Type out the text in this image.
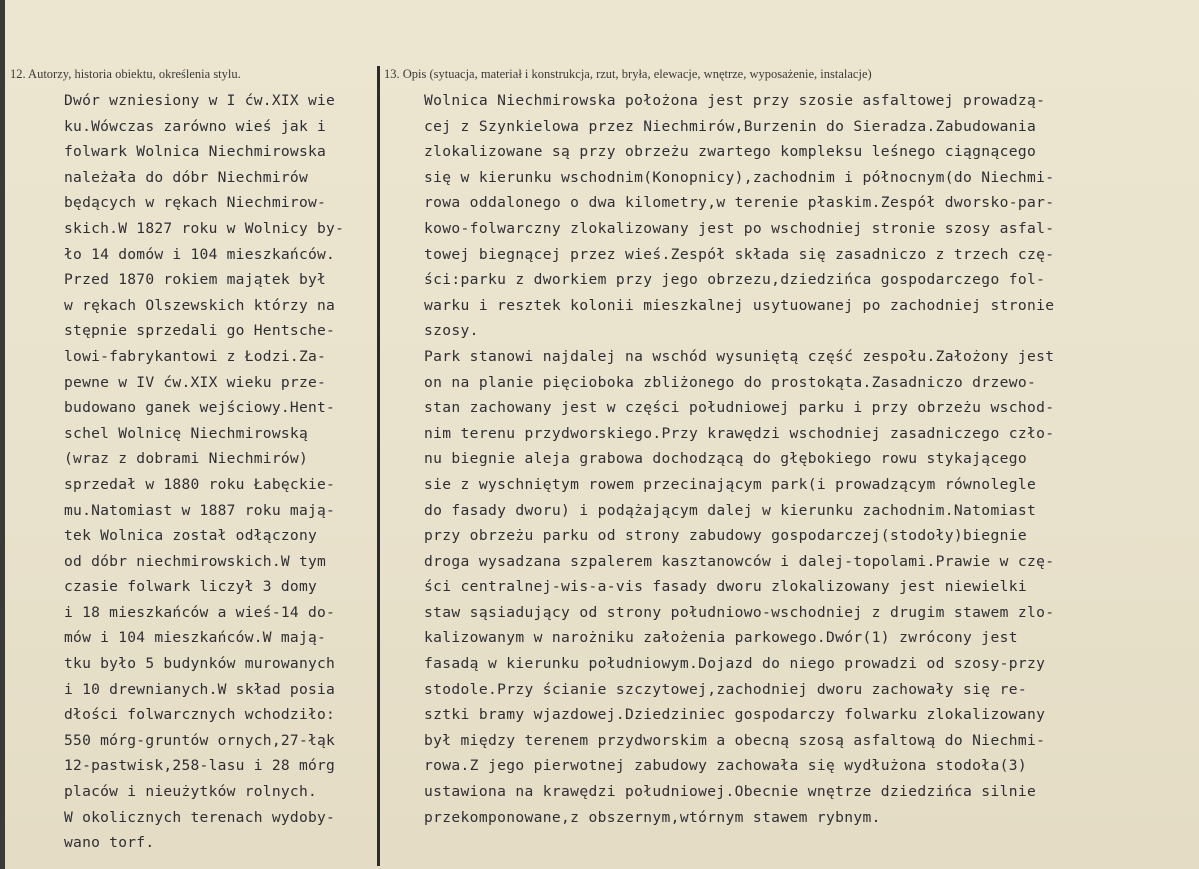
12. Autorzy, historia obiektu, określenia stylu.	13. Opis (sytuacja, materiał i konstrukcja, rzut, bryła, elewacje, wnętrze, wyposażenie, instalacje)
Dwór wzniesiony w I ćw.XIX wie
ku.Wówczas zarówno wieś jak i
folwark Wolnica Niechmirowska
należała do dóbr Niechmirów
będących w rękach Niechmirow-
skich.W 1827 roku w Wolnicy by-
ło 14 domów i 104 mieszkańców.
Przed 1870 rokiem majątek był
w rękach Olszewskich którzy na
stępnie sprzedali go Hentsche-
lowi-fabrykantowi z Łodzi.Za-
pewne w IV ćw.XIX wieku prze-
budowano ganek wejściowy.Hent-
schel Wolnicę Niechmirowską
(wraz z dobrami Niechmirów)
sprzedał w 1880 roku Łabęckie-
mu.Natomiast w 1887 roku mają-
tek Wolnica został odłączony
od dóbr niechmirowskich.W tym
czasie folwark liczył 3 domy
i 18 mieszkańców a wieś-14 do-
mów i 104 mieszkańców.W mają-
tku było 5 budynków murowanych
i 10 drewnianych.W skład posia
dłości folwarcznych wchodziło:
550 mórg-gruntów ornych,27-łąk
12-pastwisk,258-lasu i 28 mórg
placów i nieużytków rolnych.
W okolicznych terenach wydoby-
wano torf.
Wolnica Niechmirowska położona jest przy szosie asfaltowej prowadzą-
cej z Szynkielowa przez Niechmirów,Burzenin do Sieradza.Zabudowania
zlokalizowane są przy obrzeżu zwartego kompleksu leśnego ciągnącego
się w kierunku wschodnim(Konopnicy),zachodnim i północnym(do Niechmi-
rowa oddalonego o dwa kilometry,w terenie płaskim.Zespół dworsko-par-
kowo-folwarczny zlokalizowany jest po wschodniej stronie szosy asfal-
towej biegnącej przez wieś.Zespół składa się zasadniczo z trzech czę-
ści:parku z dworkiem przy jego obrzezu,dziedzińca gospodarczego fol-
warku i resztek kolonii mieszkalnej usytuowanej po zachodniej stronie
szosy.
Park stanowi najdalej na wschód wysuniętą część zespołu.Założony jest
on na planie pięcioboka zbliżonego do prostokąta.Zasadniczo drzewo-
stan zachowany jest w części południowej parku i przy obrzeżu wschod-
nim terenu przydworskiego.Przy krawędzi wschodniej zasadniczego czło-
nu biegnie aleja grabowa dochodzącą do głębokiego rowu stykającego
sie z wyschniętym rowem przecinającym park(i prowadzącym równolegle
do fasady dworu) i podążającym dalej w kierunku zachodnim.Natomiast
przy obrzeżu parku od strony zabudowy gospodarczej(stodoły)biegnie
droga wysadzana szpalerem kasztanowców i dalej-topolami.Prawie w czę-
ści centralnej-wis-a-vis fasady dworu zlokalizowany jest niewielki
staw sąsiadujący od strony południowo-wschodniej z drugim stawem zlo-
kalizowanym w narożniku założenia parkowego.Dwór(1) zwrócony jest
fasadą w kierunku południowym.Dojazd do niego prowadzi od szosy-przy
stodole.Przy ścianie szczytowej,zachodniej dworu zachowały się re-
sztki bramy wjazdowej.Dziedziniec gospodarczy folwarku zlokalizowany
był między terenem przydworskim a obecną szosą asfaltową do Niechmi-
rowa.Z jego pierwotnej zabudowy zachowała się wydłużona stodoła(3)
ustawiona na krawędzi południowej.Obecnie wnętrze dziedzińca silnie
przekomponowane,z obszernym,wtórnym stawem rybnym.
